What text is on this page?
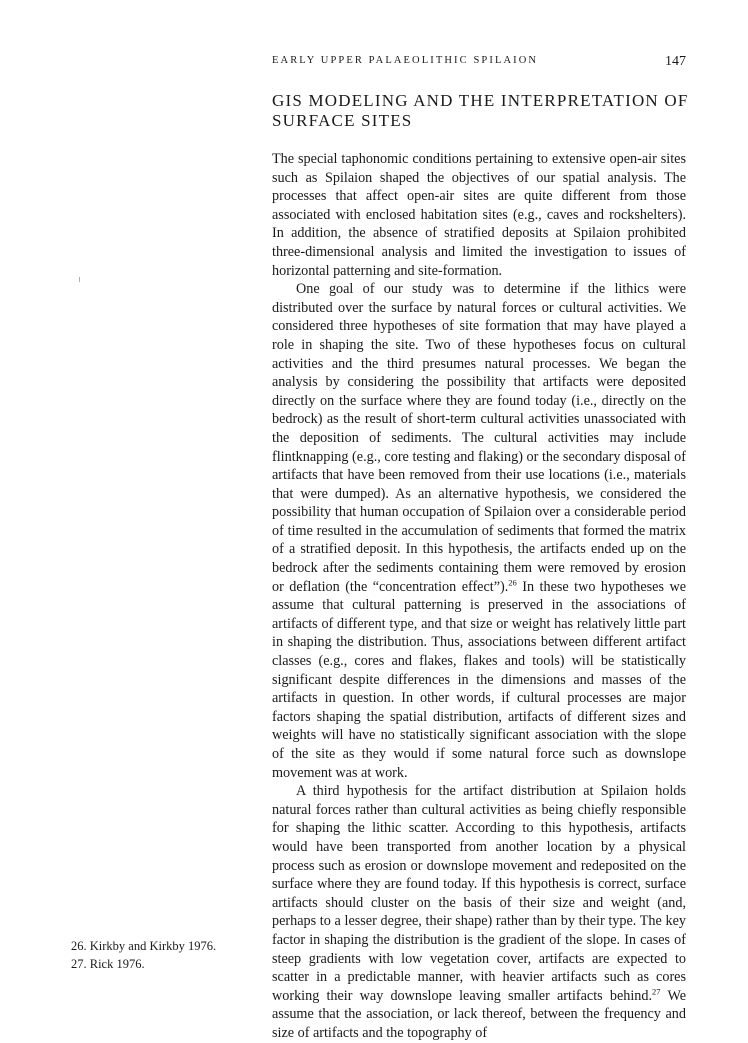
EARLY UPPER PALAEOLITHIC SPILAION	147
GIS MODELING AND THE INTERPRETATION OF SURFACE SITES

The special taphonomic conditions pertaining to extensive open-air sites such as Spilaion shaped the objectives of our spatial analysis. The processes that affect open-air sites are quite different from those associated with enclosed habitation sites (e.g., caves and rockshelters). In addition, the absence of stratified deposits at Spilaion prohibited three-dimensional analysis and limited the investigation to issues of horizontal patterning and site-formation.

One goal of our study was to determine if the lithics were distributed over the surface by natural forces or cultural activities. We considered three hypotheses of site formation that may have played a role in shaping the site. Two of these hypotheses focus on cultural activities and the third presumes natural processes. We began the analysis by considering the possibility that artifacts were deposited directly on the surface where they are found today (i.e., directly on the bedrock) as the result of short-term cultural activities unassociated with the deposition of sediments. The cultural activities may include flintknapping (e.g., core testing and flaking) or the secondary disposal of artifacts that have been removed from their use locations (i.e., materials that were dumped). As an alternative hypothesis, we considered the possibility that human occupation of Spilaion over a considerable period of time resulted in the accumulation of sediments that formed the matrix of a stratified deposit. In this hypothesis, the artifacts ended up on the bedrock after the sediments containing them were removed by erosion or deflation (the “concentration effect”).$^{26}$ In these two hypotheses we assume that cultural patterning is preserved in the associations of artifacts of different type, and that size or weight has relatively little part in shaping the distribution. Thus, associations between different artifact classes (e.g., cores and flakes, flakes and tools) will be statistically significant despite differences in the dimensions and masses of the artifacts in question. In other words, if cultural processes are major factors shaping the spatial distribution, artifacts of different sizes and weights will have no statistically significant association with the slope of the site as they would if some natural force such as downslope movement was at work.

A third hypothesis for the artifact distribution at Spilaion holds natural forces rather than cultural activities as being chiefly responsible for shaping the lithic scatter. According to this hypothesis, artifacts would have been transported from another location by a physical process such as erosion or downslope movement and redeposited on the surface where they are found today. If this hypothesis is correct, surface artifacts should cluster on the basis of their size and weight (and, perhaps to a lesser degree, their shape) rather than by their type. The key factor in shaping the distribution is the gradient of the slope. In cases of steep gradients with low vegetation cover, artifacts are expected to scatter in a predictable manner, with heavier artifacts such as cores working their way downslope leaving smaller artifacts behind.$^{27}$ We assume that the association, or lack thereof, between the frequency and size of artifacts and the topography of

26. Kirkby and Kirkby 1976.
27. Rick 1976.
